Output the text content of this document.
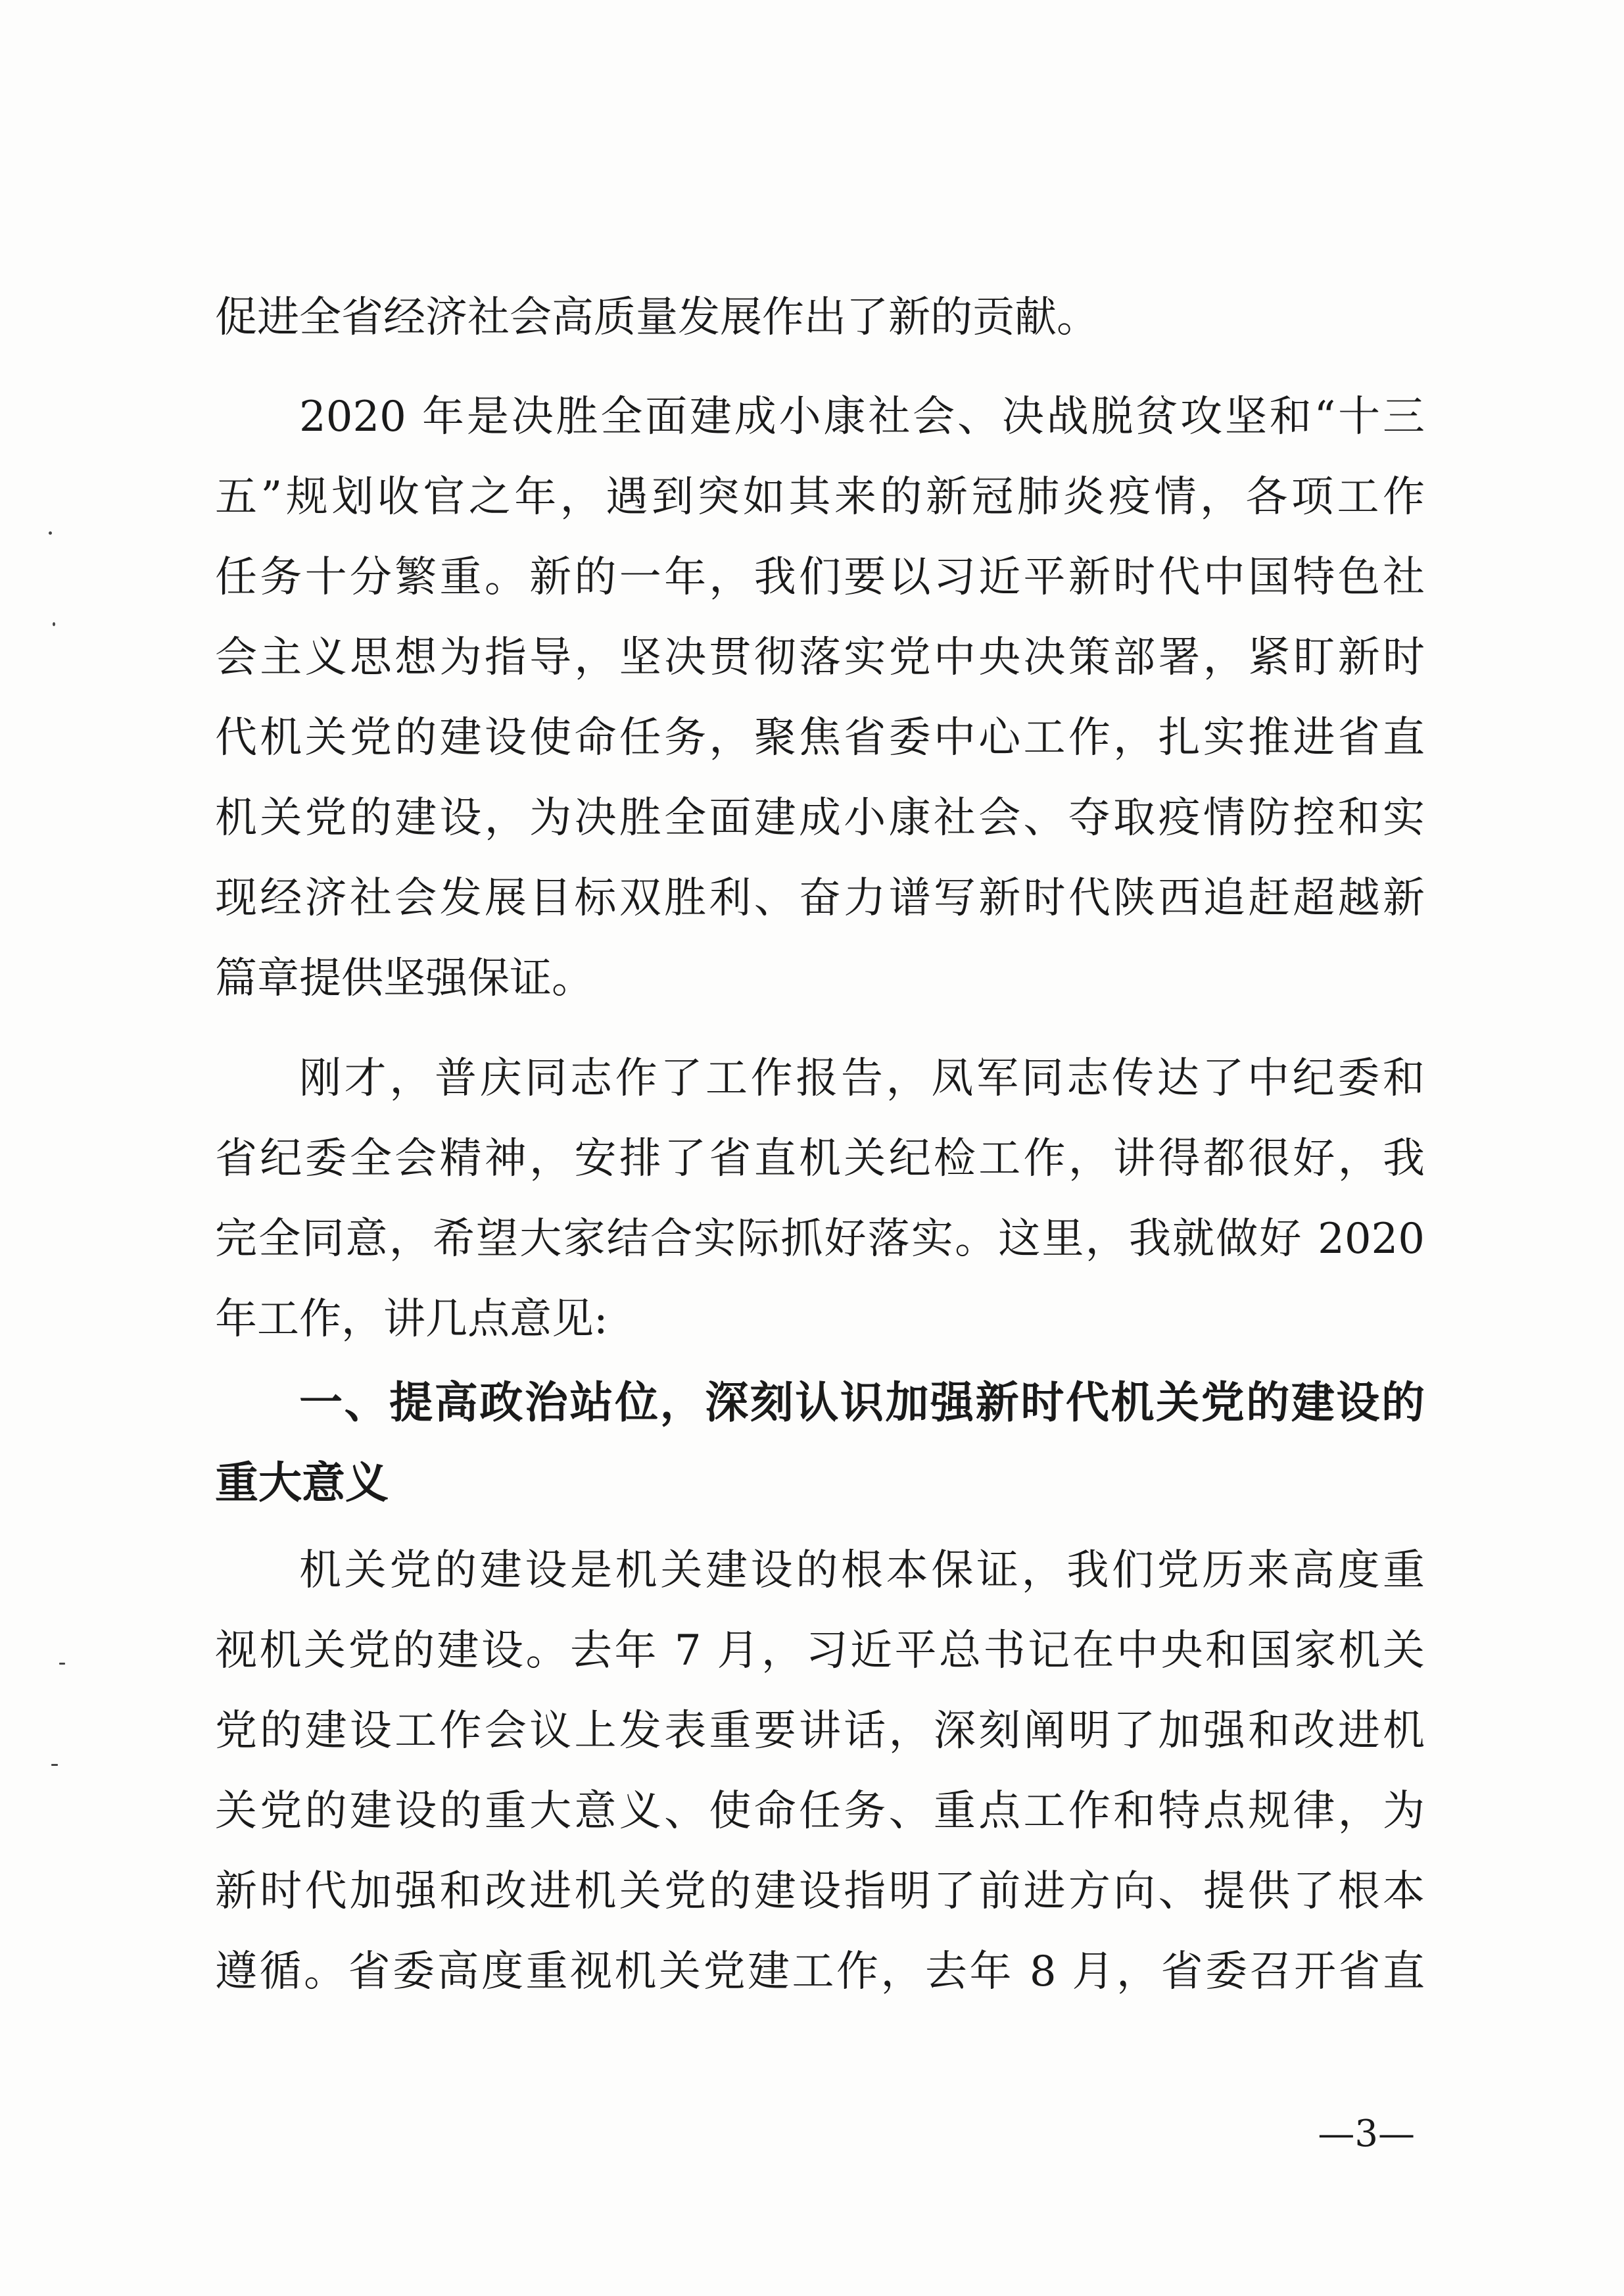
促进全省经济社会高质量发展作出了新的贡献。
2020 年是决胜全面建成小康社会、决战脱贫攻坚和“十三
五”规划收官之年，遇到突如其来的新冠肺炎疫情，各项工作
任务十分繁重。新的一年，我们要以习近平新时代中国特色社
会主义思想为指导，坚决贯彻落实党中央决策部署，紧盯新时
代机关党的建设使命任务，聚焦省委中心工作，扎实推进省直
机关党的建设，为决胜全面建成小康社会、夺取疫情防控和实
现经济社会发展目标双胜利、奋力谱写新时代陕西追赶超越新
篇章提供坚强保证。
刚才，普庆同志作了工作报告，凤军同志传达了中纪委和
省纪委全会精神，安排了省直机关纪检工作，讲得都很好，我
完全同意，希望大家结合实际抓好落实。这里，我就做好 2020
年工作，讲几点意见:
一、提高政治站位，深刻认识加强新时代机关党的建设的
重大意义
机关党的建设是机关建设的根本保证，我们党历来高度重
视机关党的建设。去年 7 月，习近平总书记在中央和国家机关
党的建设工作会议上发表重要讲话，深刻阐明了加强和改进机
关党的建设的重大意义、使命任务、重点工作和特点规律，为
新时代加强和改进机关党的建设指明了前进方向、提供了根本
遵循。省委高度重视机关党建工作，去年 8 月，省委召开省直
—3—
